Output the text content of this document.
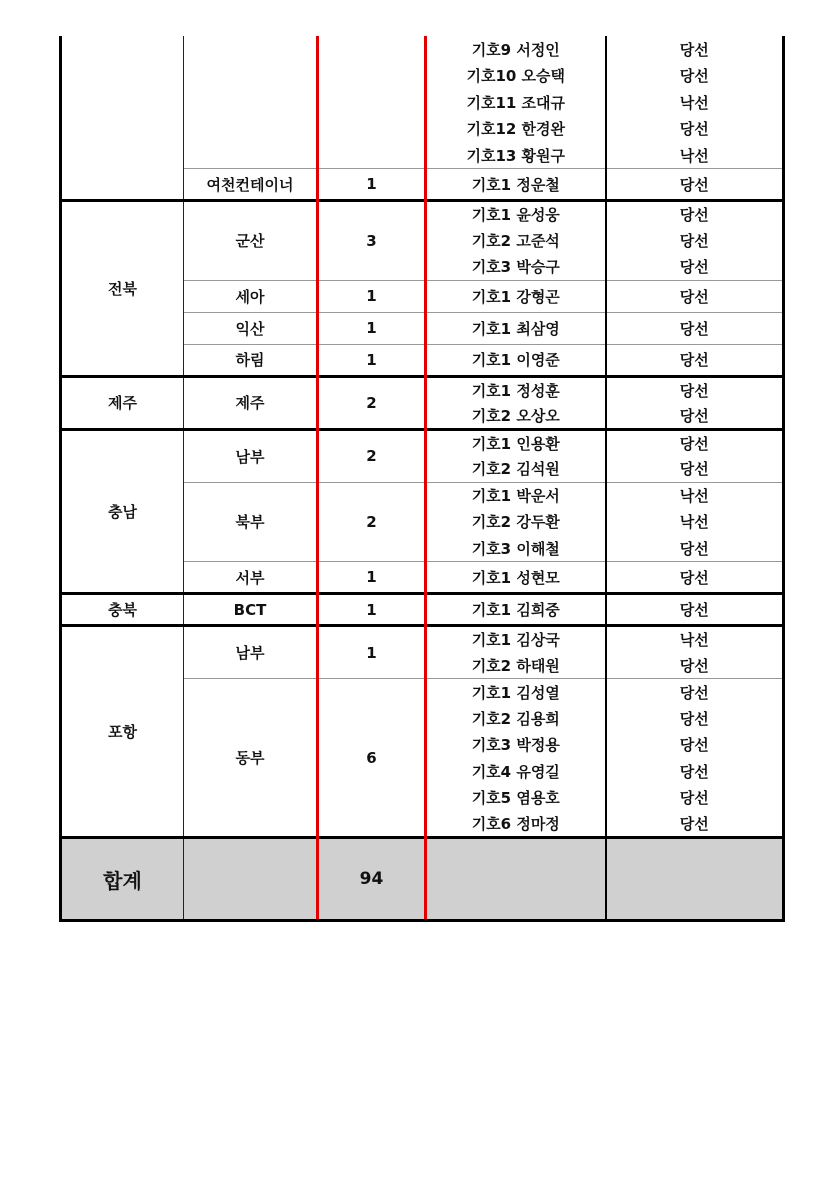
			기호9 서정인	당선
			기호10 오승택	당선
			기호11 조대규	낙선
			기호12 한경완	당선
			기호13 황원구	낙선
	여천컨테이너	1	기호1 정운철	당선
전북	군산	3	기호1 윤성웅	당선
			기호2 고준석	당선
			기호3 박승구	당선
	세아	1	기호1 강형곤	당선
	익산	1	기호1 최삼영	당선
	하림	1	기호1 이영준	당선
제주	제주	2	기호1 정성훈	당선
			기호2 오상오	당선
충남	남부	2	기호1 인용환	당선
			기호2 김석원	당선
	북부	2	기호1 박운서	낙선
			기호2 강두환	낙선
			기호3 이해철	당선
	서부	1	기호1 성현모	당선
충북	BCT	1	기호1 김희중	당선
포항	남부	1	기호1 김상국	낙선
			기호2 하태원	당선
	동부	6	기호1 김성열	당선
			기호2 김용희	당선
			기호3 박정용	당선
			기호4 유영길	당선
			기호5 염용호	당선
			기호6 정마정	당선
합계		94		
